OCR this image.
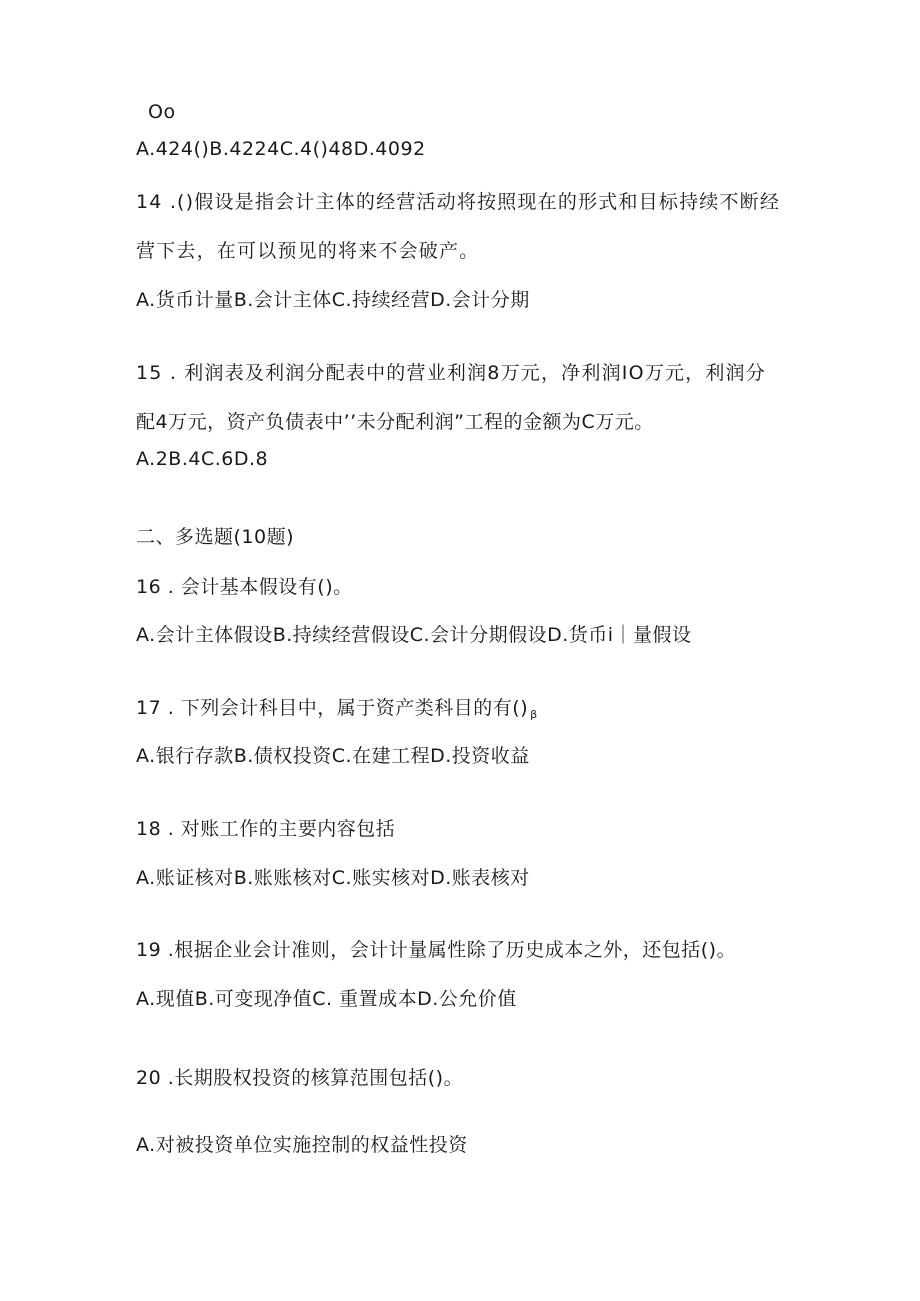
Oo
A.424()B.4224C.4()48D.4092
14 .()假设是指会计主体的经营活动将按照现在的形式和目标持续不断经
营下去，在可以预见的将来不会破产。
A.货币计量B.会计主体C.持续经营D.会计分期
15 . 利润表及利润分配表中的营业利润8万元，净利润IO万元，利润分
配4万元，资产负债表中’’未分配利润”工程的金额为C万元。
A.2B.4C.6D.8
二、多选题(10题)
16 . 会计基本假设有()。
A.会计主体假设B.持续经营假设C.会计分期假设D.货币i｜量假设
17 . 下列会计科目中，属于资产类科目的有() $_\beta$
A.银行存款B.债权投资C.在建工程D.投资收益
18 . 对账工作的主要内容包括
A.账证核对B.账账核对C.账实核对D.账表核对
19 .根据企业会计准则，会计计量属性除了历史成本之外，还包括()。
A.现值B.可变现净值C. 重置成本D.公允价值
20 .长期股权投资的核算范围包括()。
A.对被投资单位实施控制的权益性投资
